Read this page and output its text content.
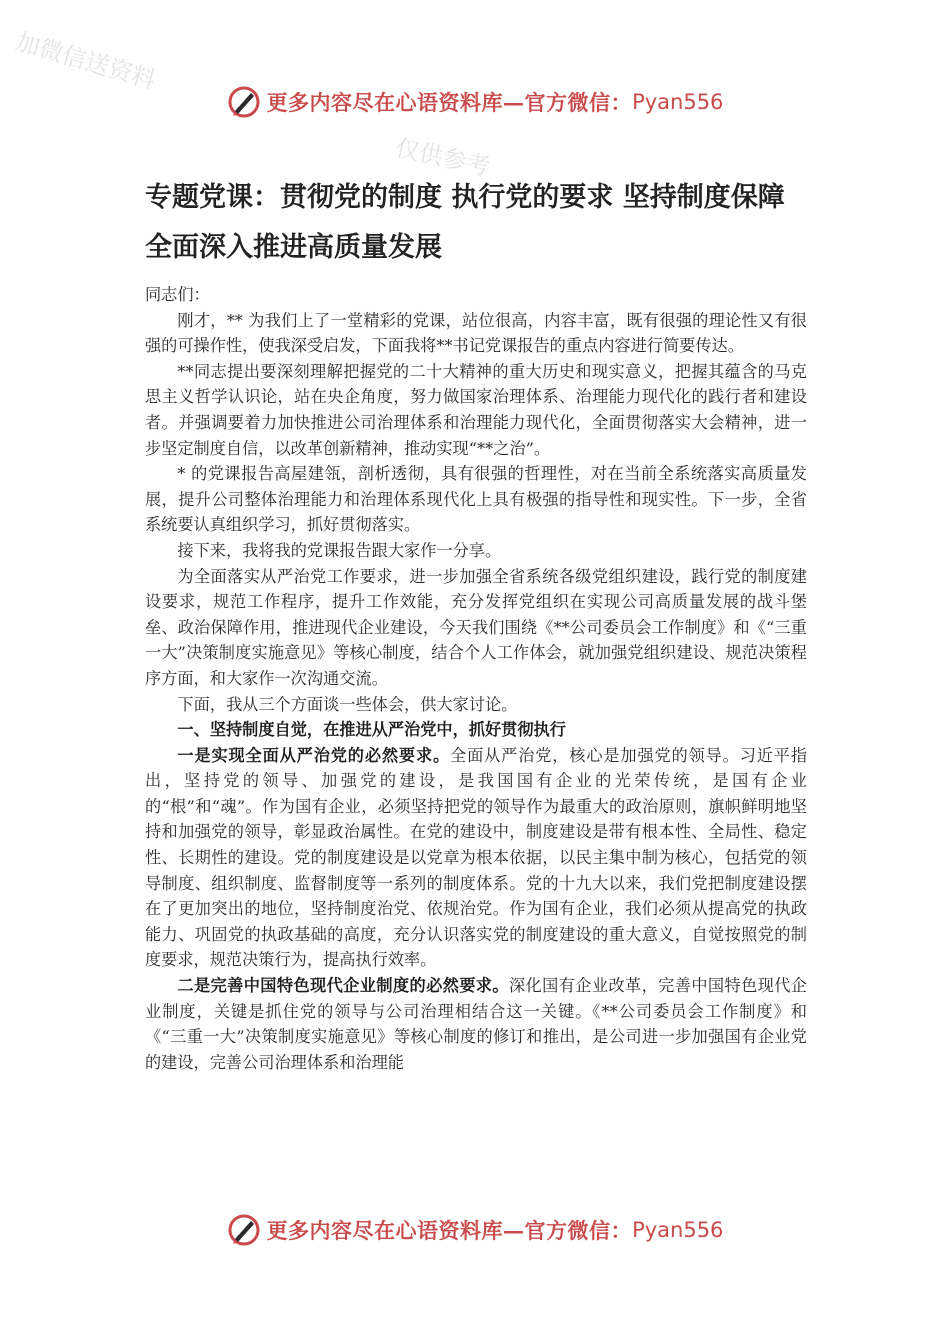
加微信送资料
仅供参考
更多内容尽在心语资料库—官方微信： Pyan556
专题党课：贯彻党的制度 执行党的要求 坚持制度保障 全面深入推进高质量发展

同志们：

刚才，** 为我们上了一堂精彩的党课，站位很高，内容丰富，既有很强的理论性又有很强的可操作性，使我深受启发，下面我将**书记党课报告的重点内容进行简要传达。

**同志提出要深刻理解把握党的二十大精神的重大历史和现实意义，把握其蕴含的马克思主义哲学认识论，站在央企角度，努力做国家治理体系、治理能力现代化的践行者和建设者。并强调要着力加快推进公司治理体系和治理能力现代化，全面贯彻落实大会精神，进一步坚定制度自信，以改革创新精神，推动实现“**之治”。

* 的党课报告高屋建瓴，剖析透彻，具有很强的哲理性，对在当前全系统落实高质量发展，提升公司整体治理能力和治理体系现代化上具有极强的指导性和现实性。下一步，全省系统要认真组织学习，抓好贯彻落实。

接下来，我将我的党课报告跟大家作一分享。

为全面落实从严治党工作要求，进一步加强全省系统各级党组织建设，践行党的制度建设要求，规范工作程序，提升工作效能，充分发挥党组织在实现公司高质量发展的战斗堡垒、政治保障作用，推进现代企业建设，今天我们围绕《**公司委员会工作制度》和《“三重一大”决策制度实施意见》等核心制度，结合个人工作体会，就加强党组织建设、规范决策程序方面，和大家作一次沟通交流。

下面，我从三个方面谈一些体会，供大家讨论。

一、坚持制度自觉，在推进从严治党中，抓好贯彻执行

一是实现全面从严治党的必然要求。全面从严治党，核心是加强党的领导。习近平指出，坚持党的领导、加强党的建设，是我国国有企业的光荣传统，是国有企业的“根”和“魂”。作为国有企业，必须坚持把党的领导作为最重大的政治原则，旗帜鲜明地坚持和加强党的领导，彰显政治属性。在党的建设中，制度建设是带有根本性、全局性、稳定性、长期性的建设。党的制度建设是以党章为根本依据，以民主集中制为核心，包括党的领导制度、组织制度、监督制度等一系列的制度体系。党的十九大以来，我们党把制度建设摆在了更加突出的地位，坚持制度治党、依规治党。作为国有企业，我们必须从提高党的执政能力、巩固党的执政基础的高度，充分认识落实党的制度建设的重大意义，自觉按照党的制度要求，规范决策行为，提高执行效率。

二是完善中国特色现代企业制度的必然要求。深化国有企业改革，完善中国特色现代企业制度，关键是抓住党的领导与公司治理相结合这一关键。《**公司委员会工作制度》和《“三重一大”决策制度实施意见》等核心制度的修订和推出，是公司进一步加强国有企业党的建设，完善公司治理体系和治理能

更多内容尽在心语资料库—官方微信： Pyan556
